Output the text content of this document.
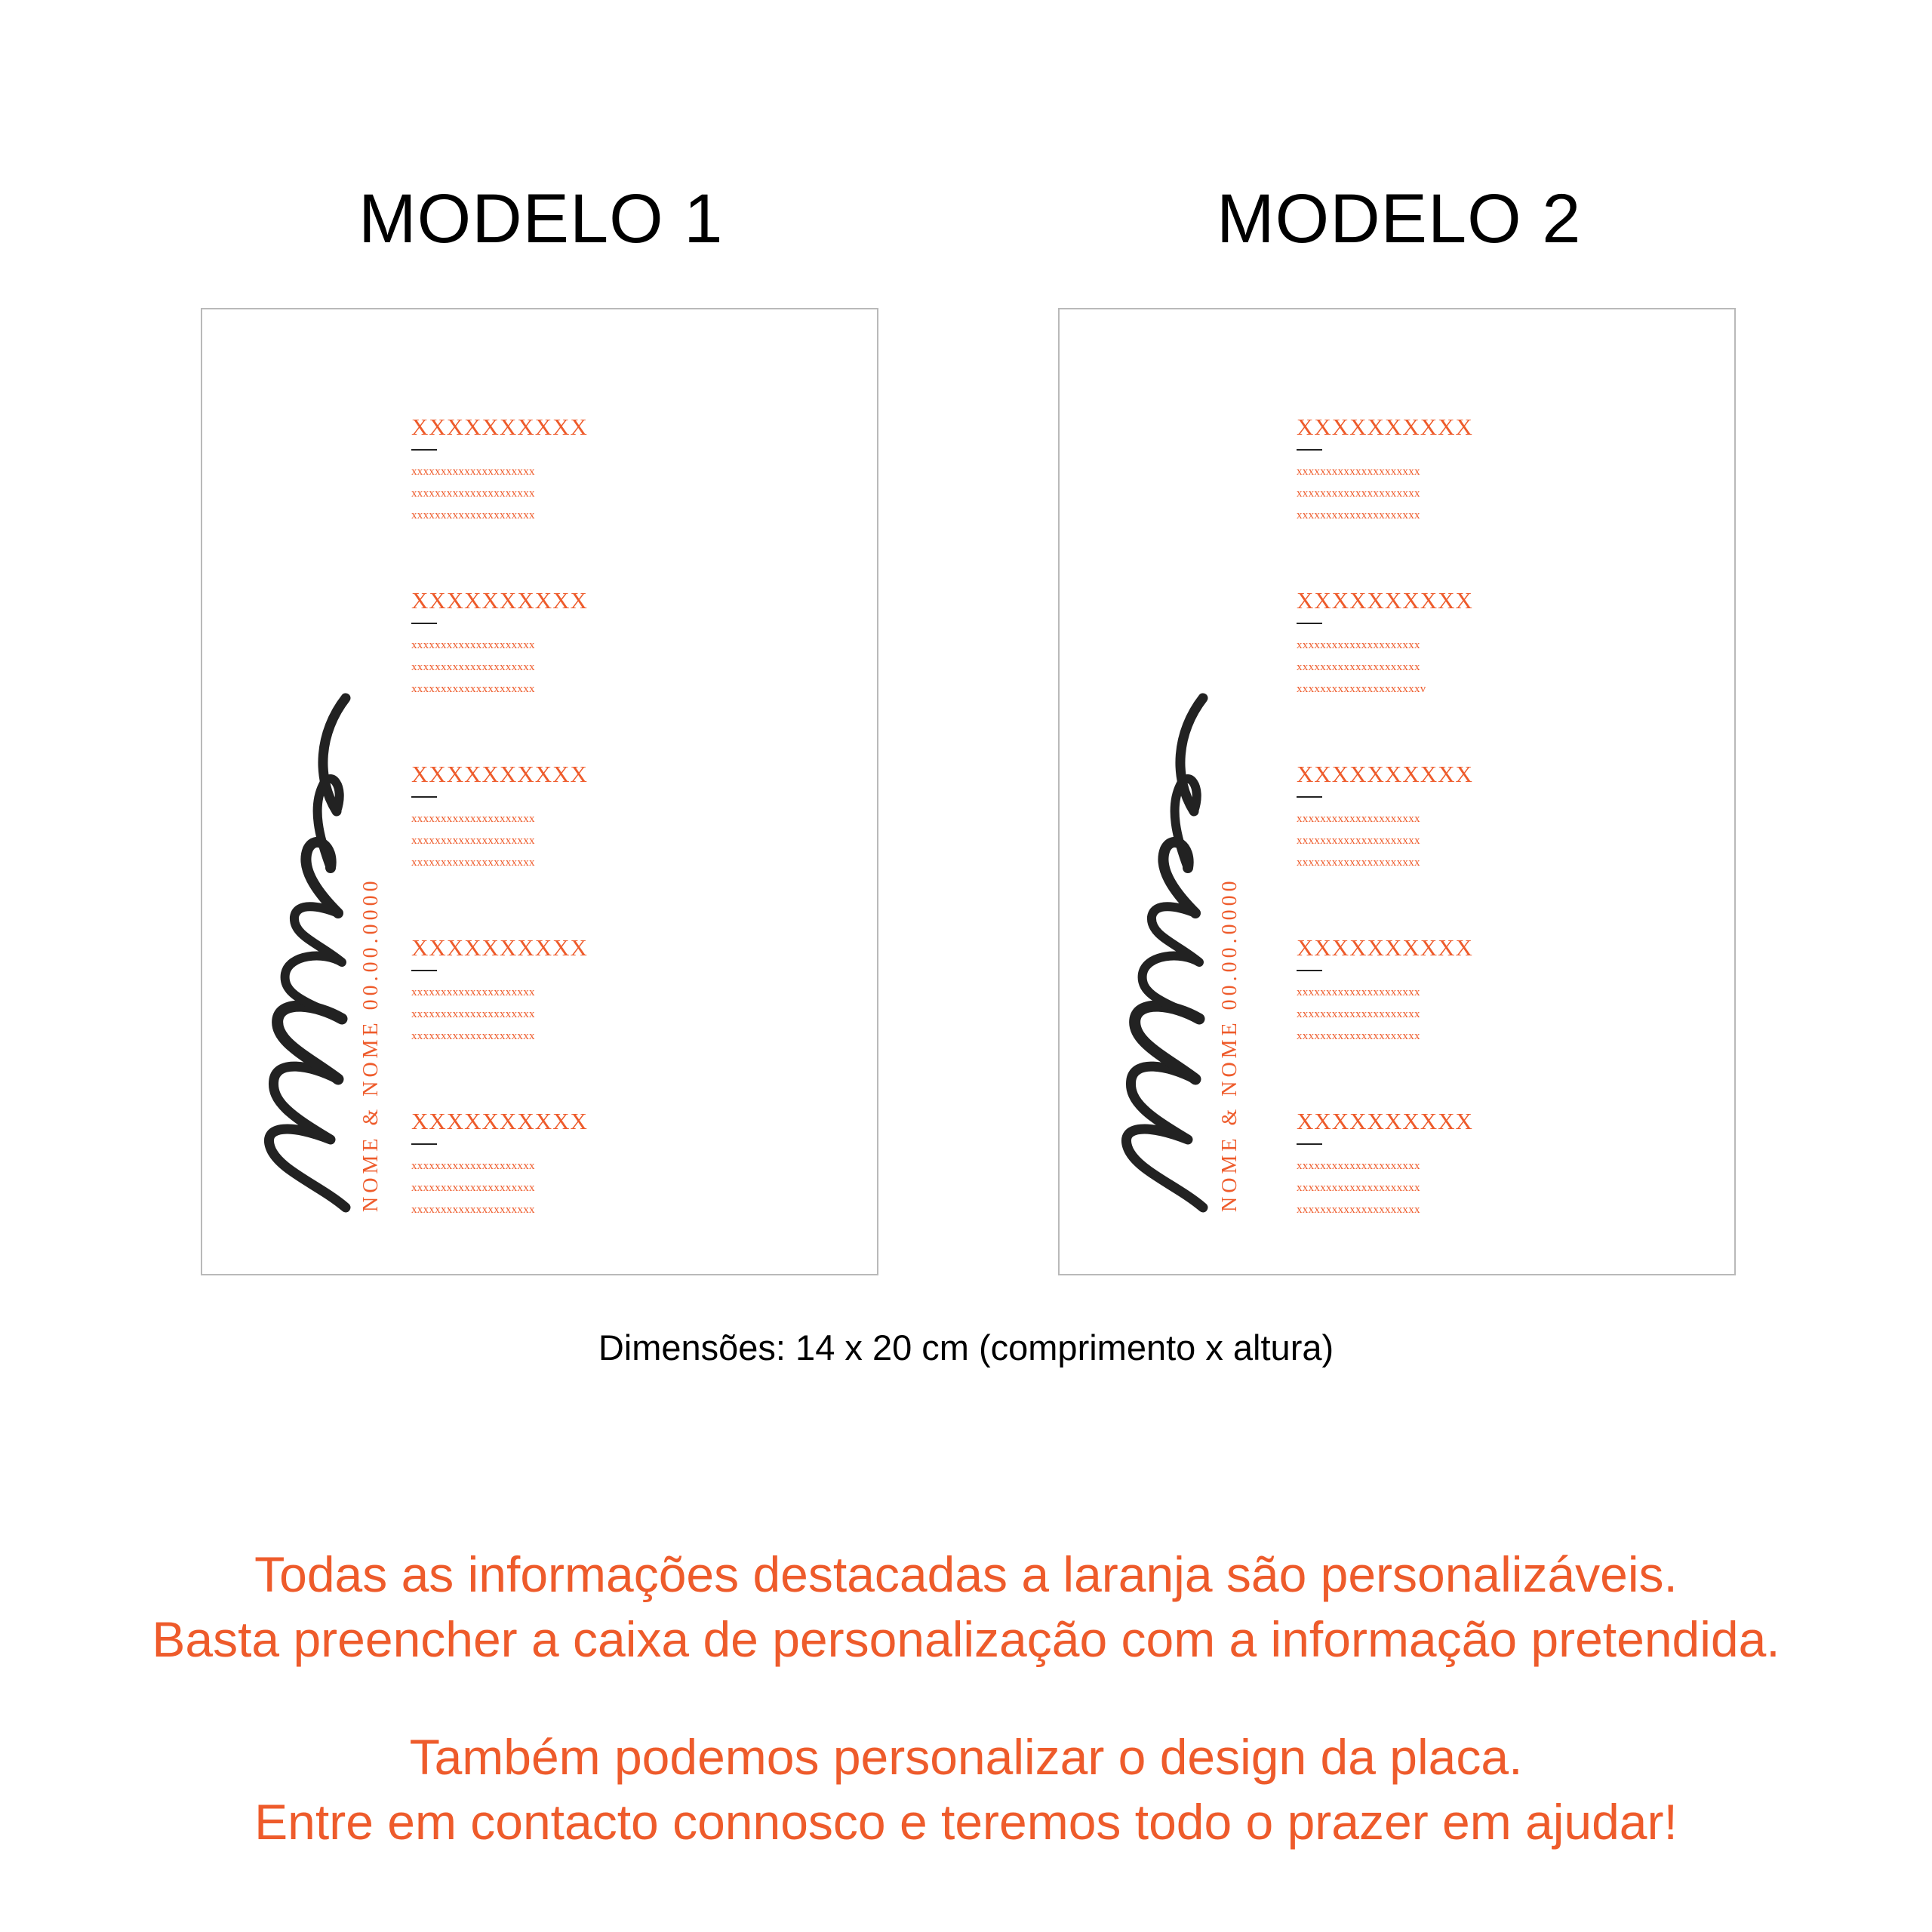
MODELO 1	MODELO 2
NOME & NOME 00.00.0000
XXXXXXXXXX
xxxxxxxxxxxxxxxxxxxxx
xxxxxxxxxxxxxxxxxxxxx
xxxxxxxxxxxxxxxxxxxxx
XXXXXXXXXX
xxxxxxxxxxxxxxxxxxxxx
xxxxxxxxxxxxxxxxxxxxx
xxxxxxxxxxxxxxxxxxxxx
XXXXXXXXXX
xxxxxxxxxxxxxxxxxxxxx
xxxxxxxxxxxxxxxxxxxxx
xxxxxxxxxxxxxxxxxxxxx
XXXXXXXXXX
xxxxxxxxxxxxxxxxxxxxx
xxxxxxxxxxxxxxxxxxxxx
xxxxxxxxxxxxxxxxxxxxx
XXXXXXXXXX
xxxxxxxxxxxxxxxxxxxxx
xxxxxxxxxxxxxxxxxxxxx
xxxxxxxxxxxxxxxxxxxxx	NOME & NOME 00.00.0000
XXXXXXXXXX
xxxxxxxxxxxxxxxxxxxxx
xxxxxxxxxxxxxxxxxxxxx
xxxxxxxxxxxxxxxxxxxxx
XXXXXXXXXX
xxxxxxxxxxxxxxxxxxxxx
xxxxxxxxxxxxxxxxxxxxx
xxxxxxxxxxxxxxxxxxxxxv
XXXXXXXXXX
xxxxxxxxxxxxxxxxxxxxx
xxxxxxxxxxxxxxxxxxxxx
xxxxxxxxxxxxxxxxxxxxx
XXXXXXXXXX
xxxxxxxxxxxxxxxxxxxxx
xxxxxxxxxxxxxxxxxxxxx
xxxxxxxxxxxxxxxxxxxxx
XXXXXXXXXX
xxxxxxxxxxxxxxxxxxxxx
xxxxxxxxxxxxxxxxxxxxx
xxxxxxxxxxxxxxxxxxxxx
Dimensões: 14 x 20 cm (comprimento x altura)
Todas as informações destacadas a laranja são personalizáveis.
Basta preencher a caixa de personalização com a informação pretendida.
Também podemos personalizar o design da placa.
Entre em contacto connosco e teremos todo o prazer em ajudar!
